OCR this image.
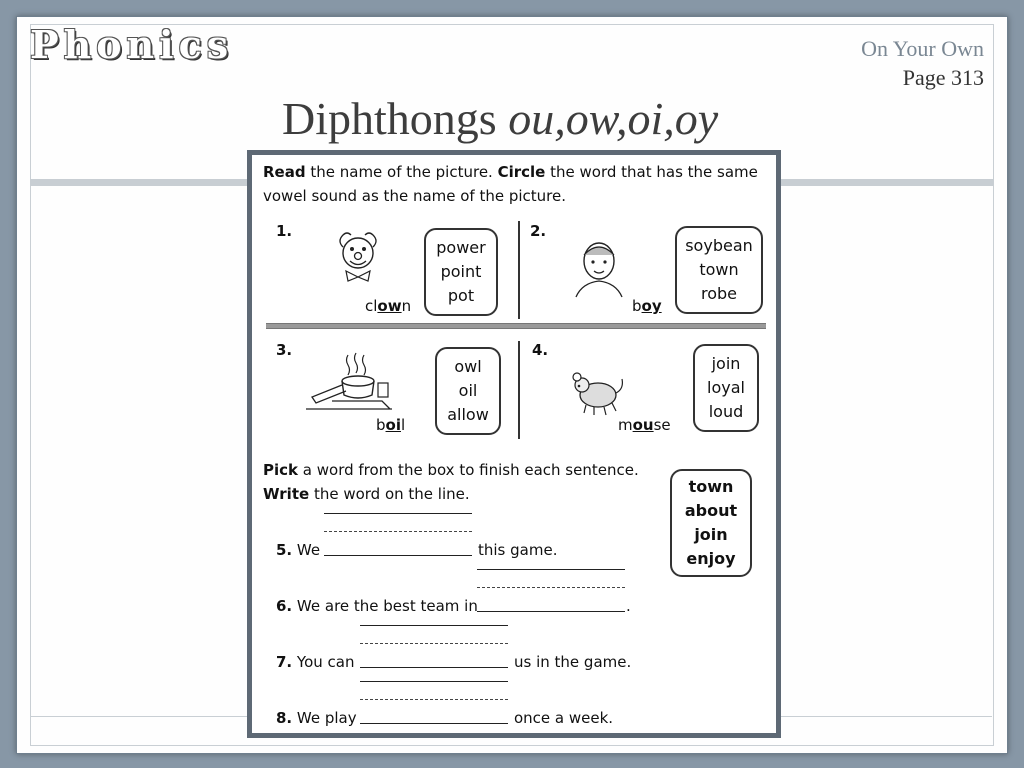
Phonics	On Your Own
Page 313
Diphthongs ou,ow,oi,oy
Read the name of the picture. Circle the word that has the same
vowel sound as the name of the picture.
1.
clown
power
point
pot
2.
boy
soybean
town
robe
3.
boil
owl
oil
allow
4.
mouse
join
loyal
loud
Pick a word from the box to finish each sentence.
Write the word on the line.	town
about
join
enjoy
5. We	this game.
6. We are the best team in	.
7. You can	us in the game.
8. We play	once a week.
